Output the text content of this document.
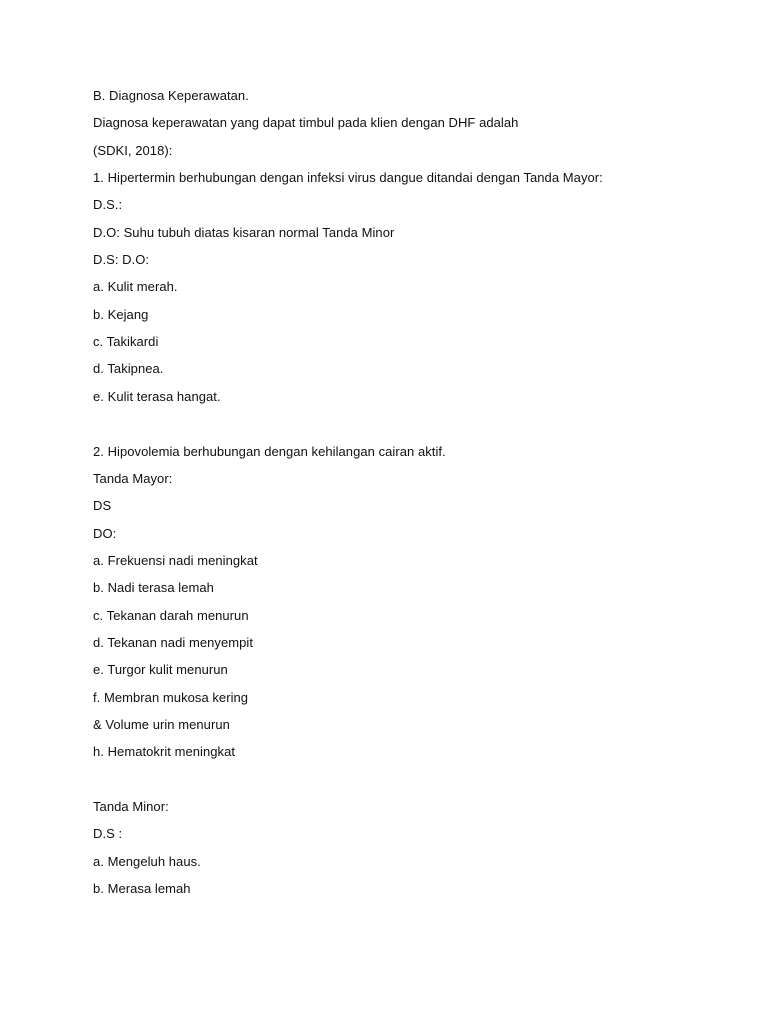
B. Diagnosa Keperawatan.
Diagnosa keperawatan yang dapat timbul pada klien dengan DHF adalah
(SDKI, 2018):
1. Hipertermin berhubungan dengan infeksi virus dangue ditandai dengan Tanda Mayor:
D.S.:
D.O: Suhu tubuh diatas kisaran normal Tanda Minor
D.S: D.O:
a. Kulit merah.
b. Kejang
c. Takikardi
d. Takipnea.
e. Kulit terasa hangat.
2. Hipovolemia berhubungan dengan kehilangan cairan aktif.
Tanda Mayor:
DS
DO:
a. Frekuensi nadi meningkat
b. Nadi terasa lemah
c. Tekanan darah menurun
d. Tekanan nadi menyempit
e. Turgor kulit menurun
f. Membran mukosa kering
& Volume urin menurun
h. Hematokrit meningkat
Tanda Minor:
D.S :
a. Mengeluh haus.
b. Merasa lemah
